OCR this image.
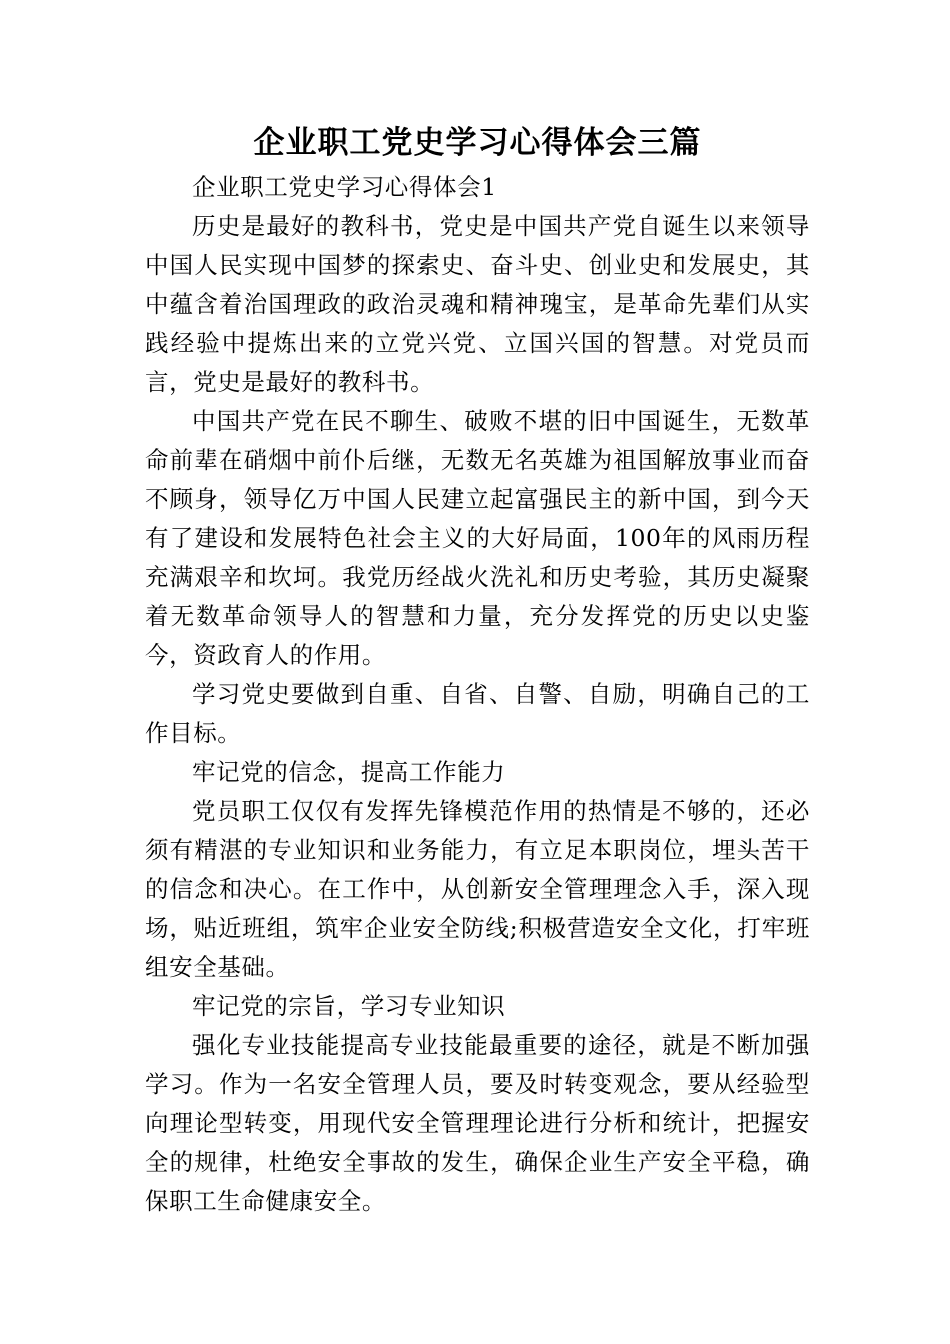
企业职工党史学习心得体会三篇

企业职工党史学习心得体会1

历史是最好的教科书，党史是中国共产党自诞生以来领导中国人民实现中国梦的探索史、奋斗史、创业史和发展史，其中蕴含着治国理政的政治灵魂和精神瑰宝，是革命先辈们从实践经验中提炼出来的立党兴党、立国兴国的智慧。对党员而言，党史是最好的教科书。

中国共产党在民不聊生、破败不堪的旧中国诞生，无数革命前辈在硝烟中前仆后继，无数无名英雄为祖国解放事业而奋不顾身，领导亿万中国人民建立起富强民主的新中国，到今天有了建设和发展特色社会主义的大好局面，100年的风雨历程充满艰辛和坎坷。我党历经战火洗礼和历史考验，其历史凝聚着无数革命领导人的智慧和力量，充分发挥党的历史以史鉴今，资政育人的作用。

学习党史要做到自重、自省、自警、自励，明确自己的工作目标。

牢记党的信念，提高工作能力

党员职工仅仅有发挥先锋模范作用的热情是不够的，还必须有精湛的专业知识和业务能力，有立足本职岗位，埋头苦干的信念和决心。在工作中，从创新安全管理理念入手，深入现场，贴近班组，筑牢企业安全防线;积极营造安全文化，打牢班组安全基础。

牢记党的宗旨，学习专业知识

强化专业技能提高专业技能最重要的途径，就是不断加强学习。作为一名安全管理人员，要及时转变观念，要从经验型向理论型转变，用现代安全管理理论进行分析和统计，把握安全的规律，杜绝安全事故的发生，确保企业生产安全平稳，确保职工生命健康安全。
